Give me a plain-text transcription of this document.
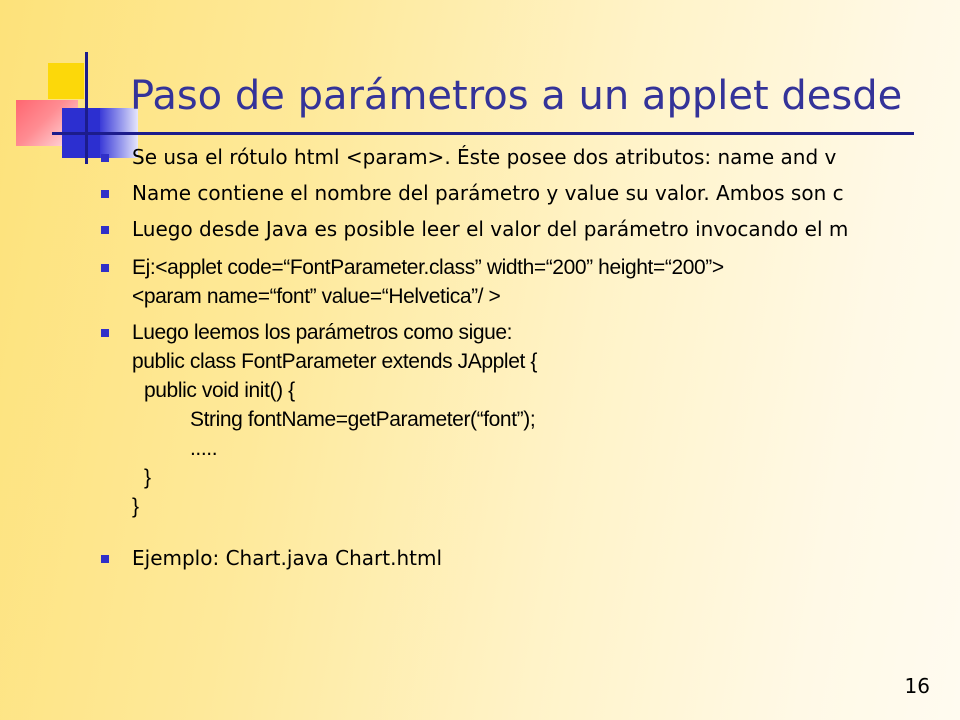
Paso de parámetros a un applet desde
Se usa el rótulo html <param>. Éste posee dos atributos: name and v
Name contiene el nombre del parámetro y value su valor. Ambos son c
Luego desde Java es posible leer el valor del parámetro invocando el m
Ej:<applet code=“FontParameter.class” width=“200” height=“200”>
<param name=“font” value=“Helvetica”/ >
Luego leemos los parámetros como sigue:
public class FontParameter extends JApplet {
public void init() {
String fontName=getParameter(“font”);
.....
}
}
Ejemplo: Chart.java Chart.html
16
